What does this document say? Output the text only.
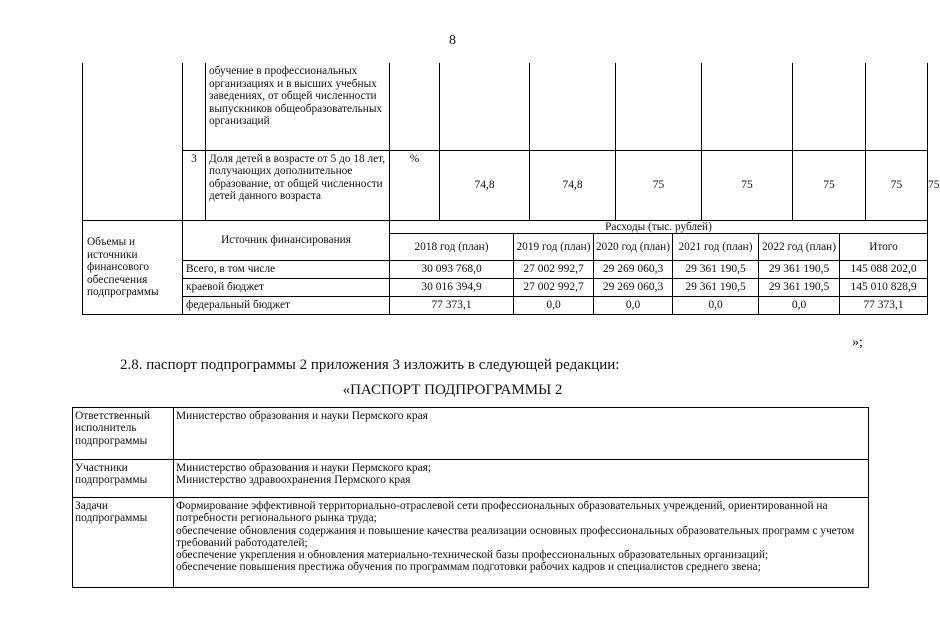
8
		обучение в профессиональных организациях и в высших учебных заведениях, от общей численности выпускников общеобразовательных организаций													
	3	Доля детей в возрасте от 5 до 18 лет, получающих дополнительное образование, от общей численности детей данного возраста	%	74,8		74,8		75		75		75		75	75
Объемы и источники финансового обеспечения подпрограммы	Источник финансирования		Расходы (тыс. рублей)												
			2018 год (план)		2019 год (план)		2020 год (план)		2021 год (план)		2022 год (план)		Итого		
	Всего, в том числе		30 093 768,0		27 002 992,7		29 269 060,3		29 361 190,5		29 361 190,5		145 088 202,0		
	краевой бюджет		30 016 394,9		27 002 992,7		29 269 060,3		29 361 190,5		29 361 190,5		145 010 828,9		
	федеральный бюджет		77 373,1		0,0		0,0		0,0		0,0		77 373,1		
»;
2.8. паспорт подпрограммы 2 приложения 3 изложить в следующей редакции:
«ПАСПОРТ ПОДПРОГРАММЫ 2
Ответственный исполнитель подпрограммы	Министерство образования и науки Пермского края

Участники подпрограммы	Министерство образования и науки Пермского края;
Министерство здравоохранения Пермского края

Задачи подпрограммы	Формирование эффективной территориально-отраслевой сети профессиональных образовательных учреждений, ориентированной на потребности регионального рынка труда;
обеспечение обновления содержания и повышение качества реализации основных профессиональных образовательных программ с учетом требований работодателей;
обеспечение укрепления и обновления материально-технической базы профессиональных образовательных организаций;
обеспечение повышения престижа обучения по программам подготовки рабочих кадров и специалистов среднего звена;
